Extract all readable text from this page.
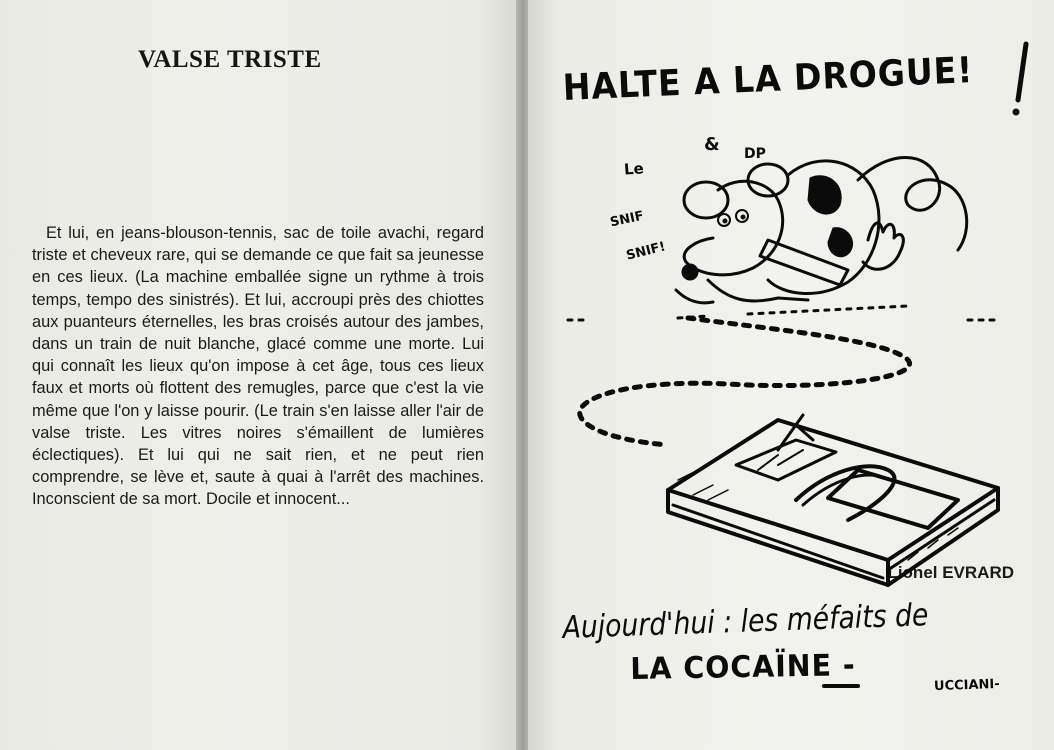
VALSE TRISTE
Et lui, en jeans-blouson-tennis, sac de toile avachi, regard triste et cheveux rare, qui se demande ce que fait sa jeunesse en ces lieux. (La machine emballée signe un rythme à trois temps, tempo des sinistrés). Et lui, accroupi près des chiottes aux puanteurs éternelles, les bras croisés autour des jambes, dans un train de nuit blanche, glacé comme une morte. Lui qui connaît les lieux qu'on impose à cet âge, tous ces lieux faux et morts où flottent des remugles, parce que c'est la vie même que l'on y laisse pourir. (Le train s'en laisse aller l'air de valse triste. Les vitres noires s'émaillent de lumières éclectiques). Et lui qui ne sait rien, et ne peut rien comprendre, se lève et, saute à quai à l'arrêt des machines. Inconscient de sa mort. Docile et innocent...
Lionel EVRARD
HALTE A LA DROGUE!
Le
& DP
SNIF
SNIF!
Aujourd'hui : les méfaits de
LA COCAÏNE -	UCCIANI-
